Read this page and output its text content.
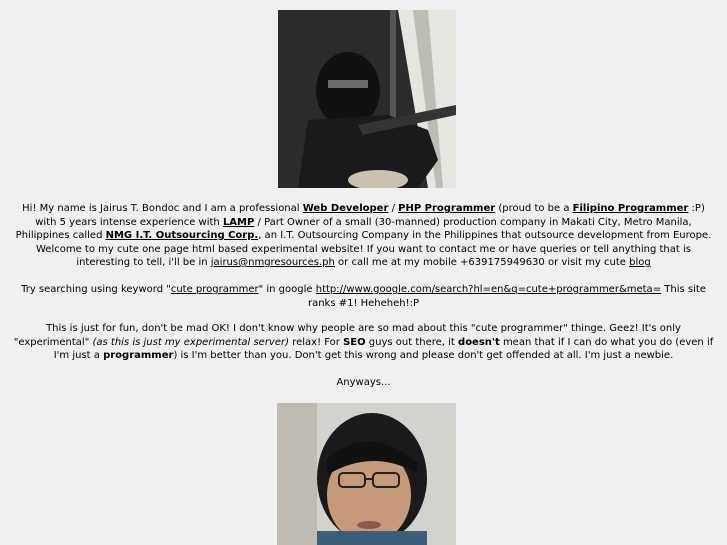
Hi! My name is Jairus T. Bondoc and I am a professional Web Developer / PHP Programmer (proud to be a Filipino Programmer :P) with 5 years intense experience with LAMP / Part Owner of a small (30-manned) production company in Makati City, Metro Manila, Philippines called NMG I.T. Outsourcing Corp., an I.T. Outsourcing Company in the Philippines that outsource development from Europe. Welcome to my cute one page html based experimental website! If you want to contact me or have queries or tell anything that is interesting to tell, i'll be in jairus@nmgresources.ph or call me at my mobile +639175949630 or visit my cute blog

Try searching using keyword "cute programmer" in google http://www.google.com/search?hl=en&q=cute+programmer&meta= This site ranks #1! Heheheh!:P

This is just for fun, don't be mad OK! I don't know why people are so mad about this "cute programmer" thinge. Geez! It's only "experimental" (as this is just my experimental server) relax! For SEO guys out there, it doesn't mean that if I can do what you do (even if I'm just a programmer) is I'm better than you. Don't get this wrong and please don't get offended at all. I'm just a newbie.

Anyways...
